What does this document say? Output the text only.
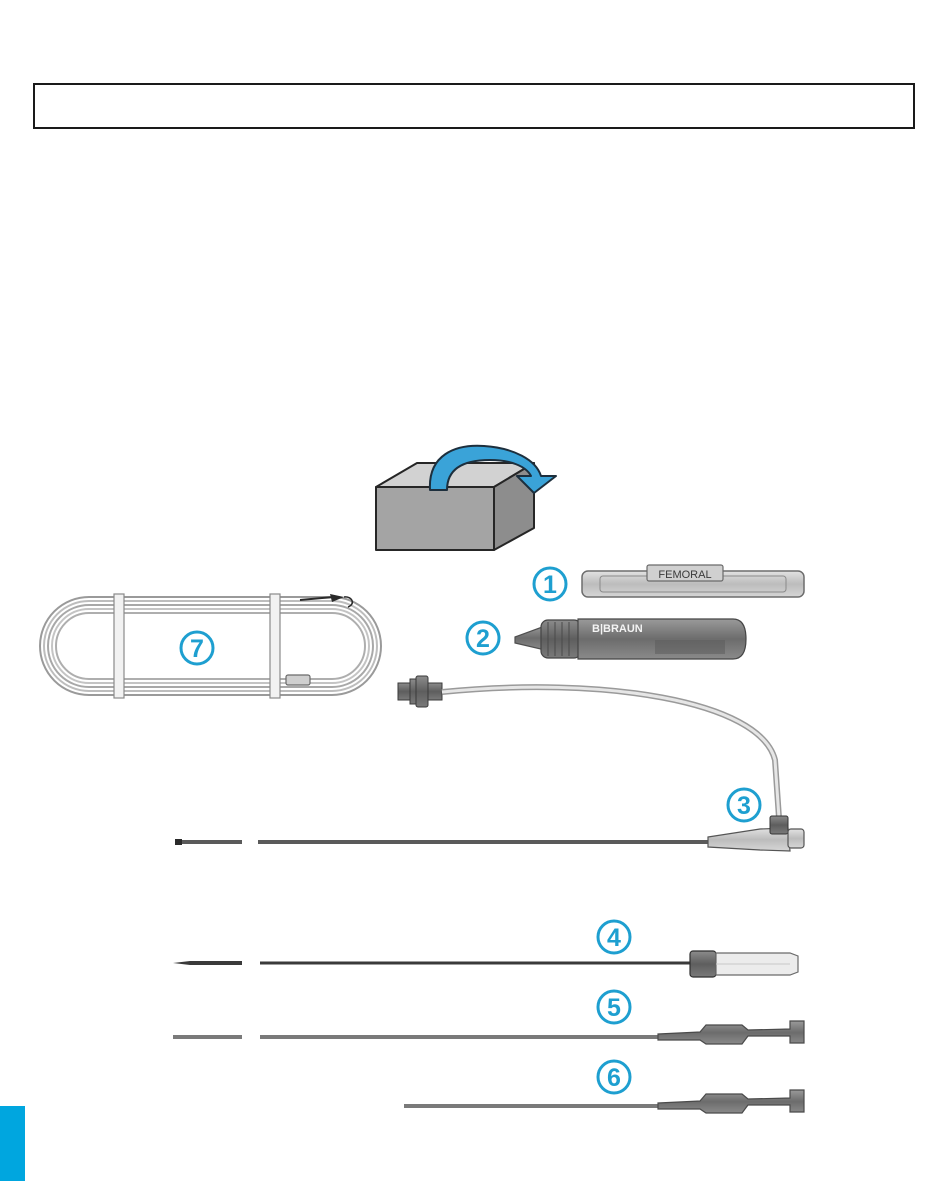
7
FEMORAL
1
B|BRAUN
2
3
4
5
6
